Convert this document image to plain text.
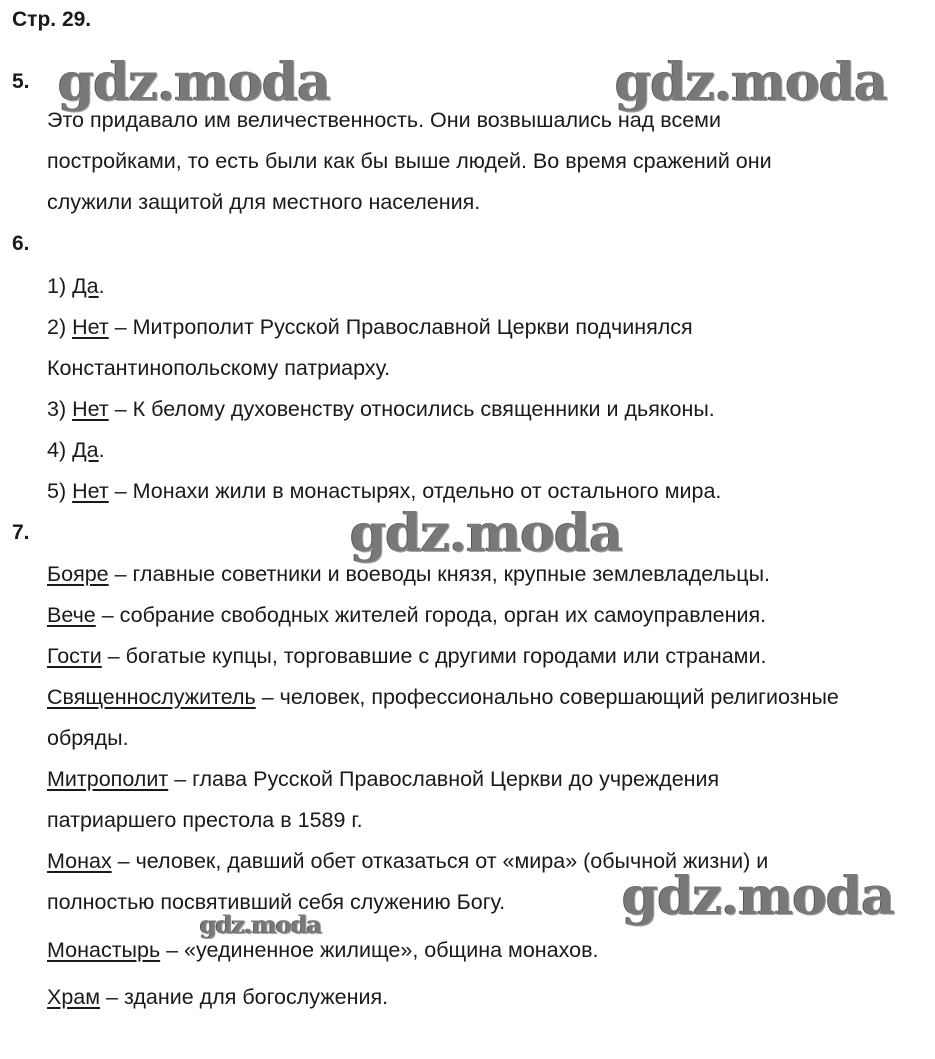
Стр. 29.
gdz.moda	gdz.moda
gdz.moda
gdz.moda
gdz.moda
5.
Это придавало им величественность. Они возвышались над всеми
постройками, то есть были как бы выше людей. Во время сражений они
служили защитой для местного населения.
6.
1) Да.
2) Нет – Митрополит Русской Православной Церкви подчинялся
Константинопольскому патриарху.
3) Нет – К белому духовенству относились священники и дьяконы.
4) Да.
5) Нет – Монахи жили в монастырях, отдельно от остального мира.
7.
Бояре – главные советники и воеводы князя, крупные землевладельцы.
Вече – собрание свободных жителей города, орган их самоуправления.
Гости – богатые купцы, торговавшие с другими городами или странами.
Священнослужитель – человек, профессионально совершающий религиозные
обряды.
Митрополит – глава Русской Православной Церкви до учреждения
патриаршего престола в 1589 г.
Монах – человек, давший обет отказаться от «мира» (обычной жизни) и
полностью посвятивший себя служению Богу.
Монастырь – «уединенное жилище», община монахов.
Храм – здание для богослужения.
